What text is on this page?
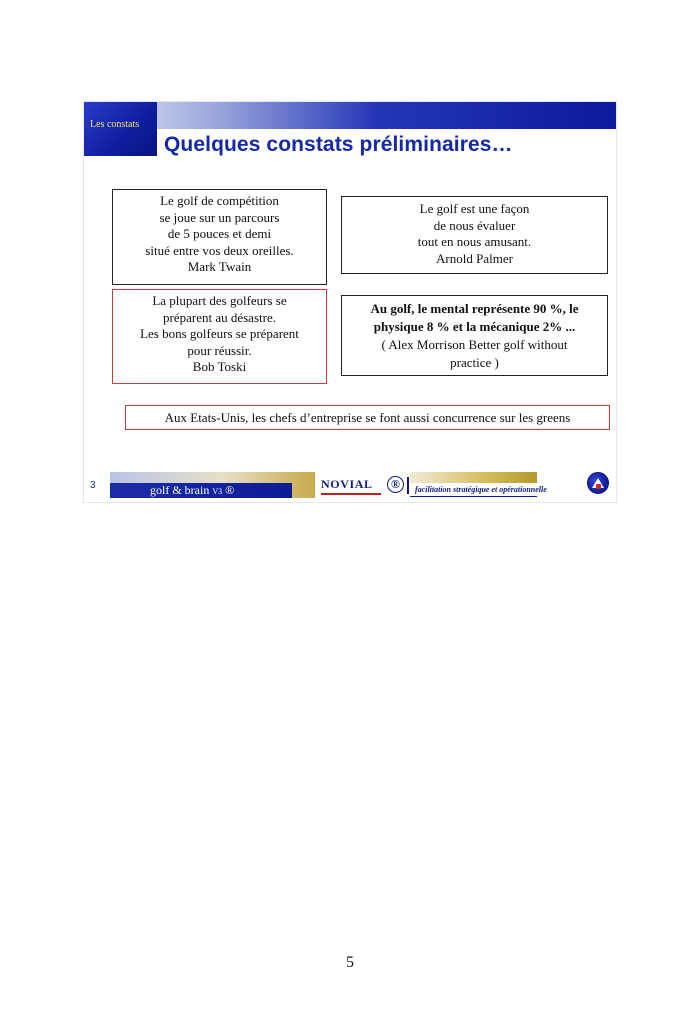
Les constats
Quelques constats préliminaires…
Le golf de compétition
se joue sur un parcours
de 5 pouces et demi
situé entre vos deux oreilles.
Mark Twain
Le golf est une façon
de nous évaluer
tout en nous amusant.
Arnold Palmer
La plupart des golfeurs se
préparent au désastre.
Les bons golfeurs se préparent
pour réussir.
Bob Toski
Au golf, le mental représente 90 %, le
physique 8 % et la mécanique 2% ...
( Alex Morrison Better golf without
practice )
Aux Etats-Unis, les chefs d’entreprise se font aussi concurrence sur les greens
3	golf & brain V3 ®	NOVIAL	®	facilitation stratégique et opérationnelle
5
